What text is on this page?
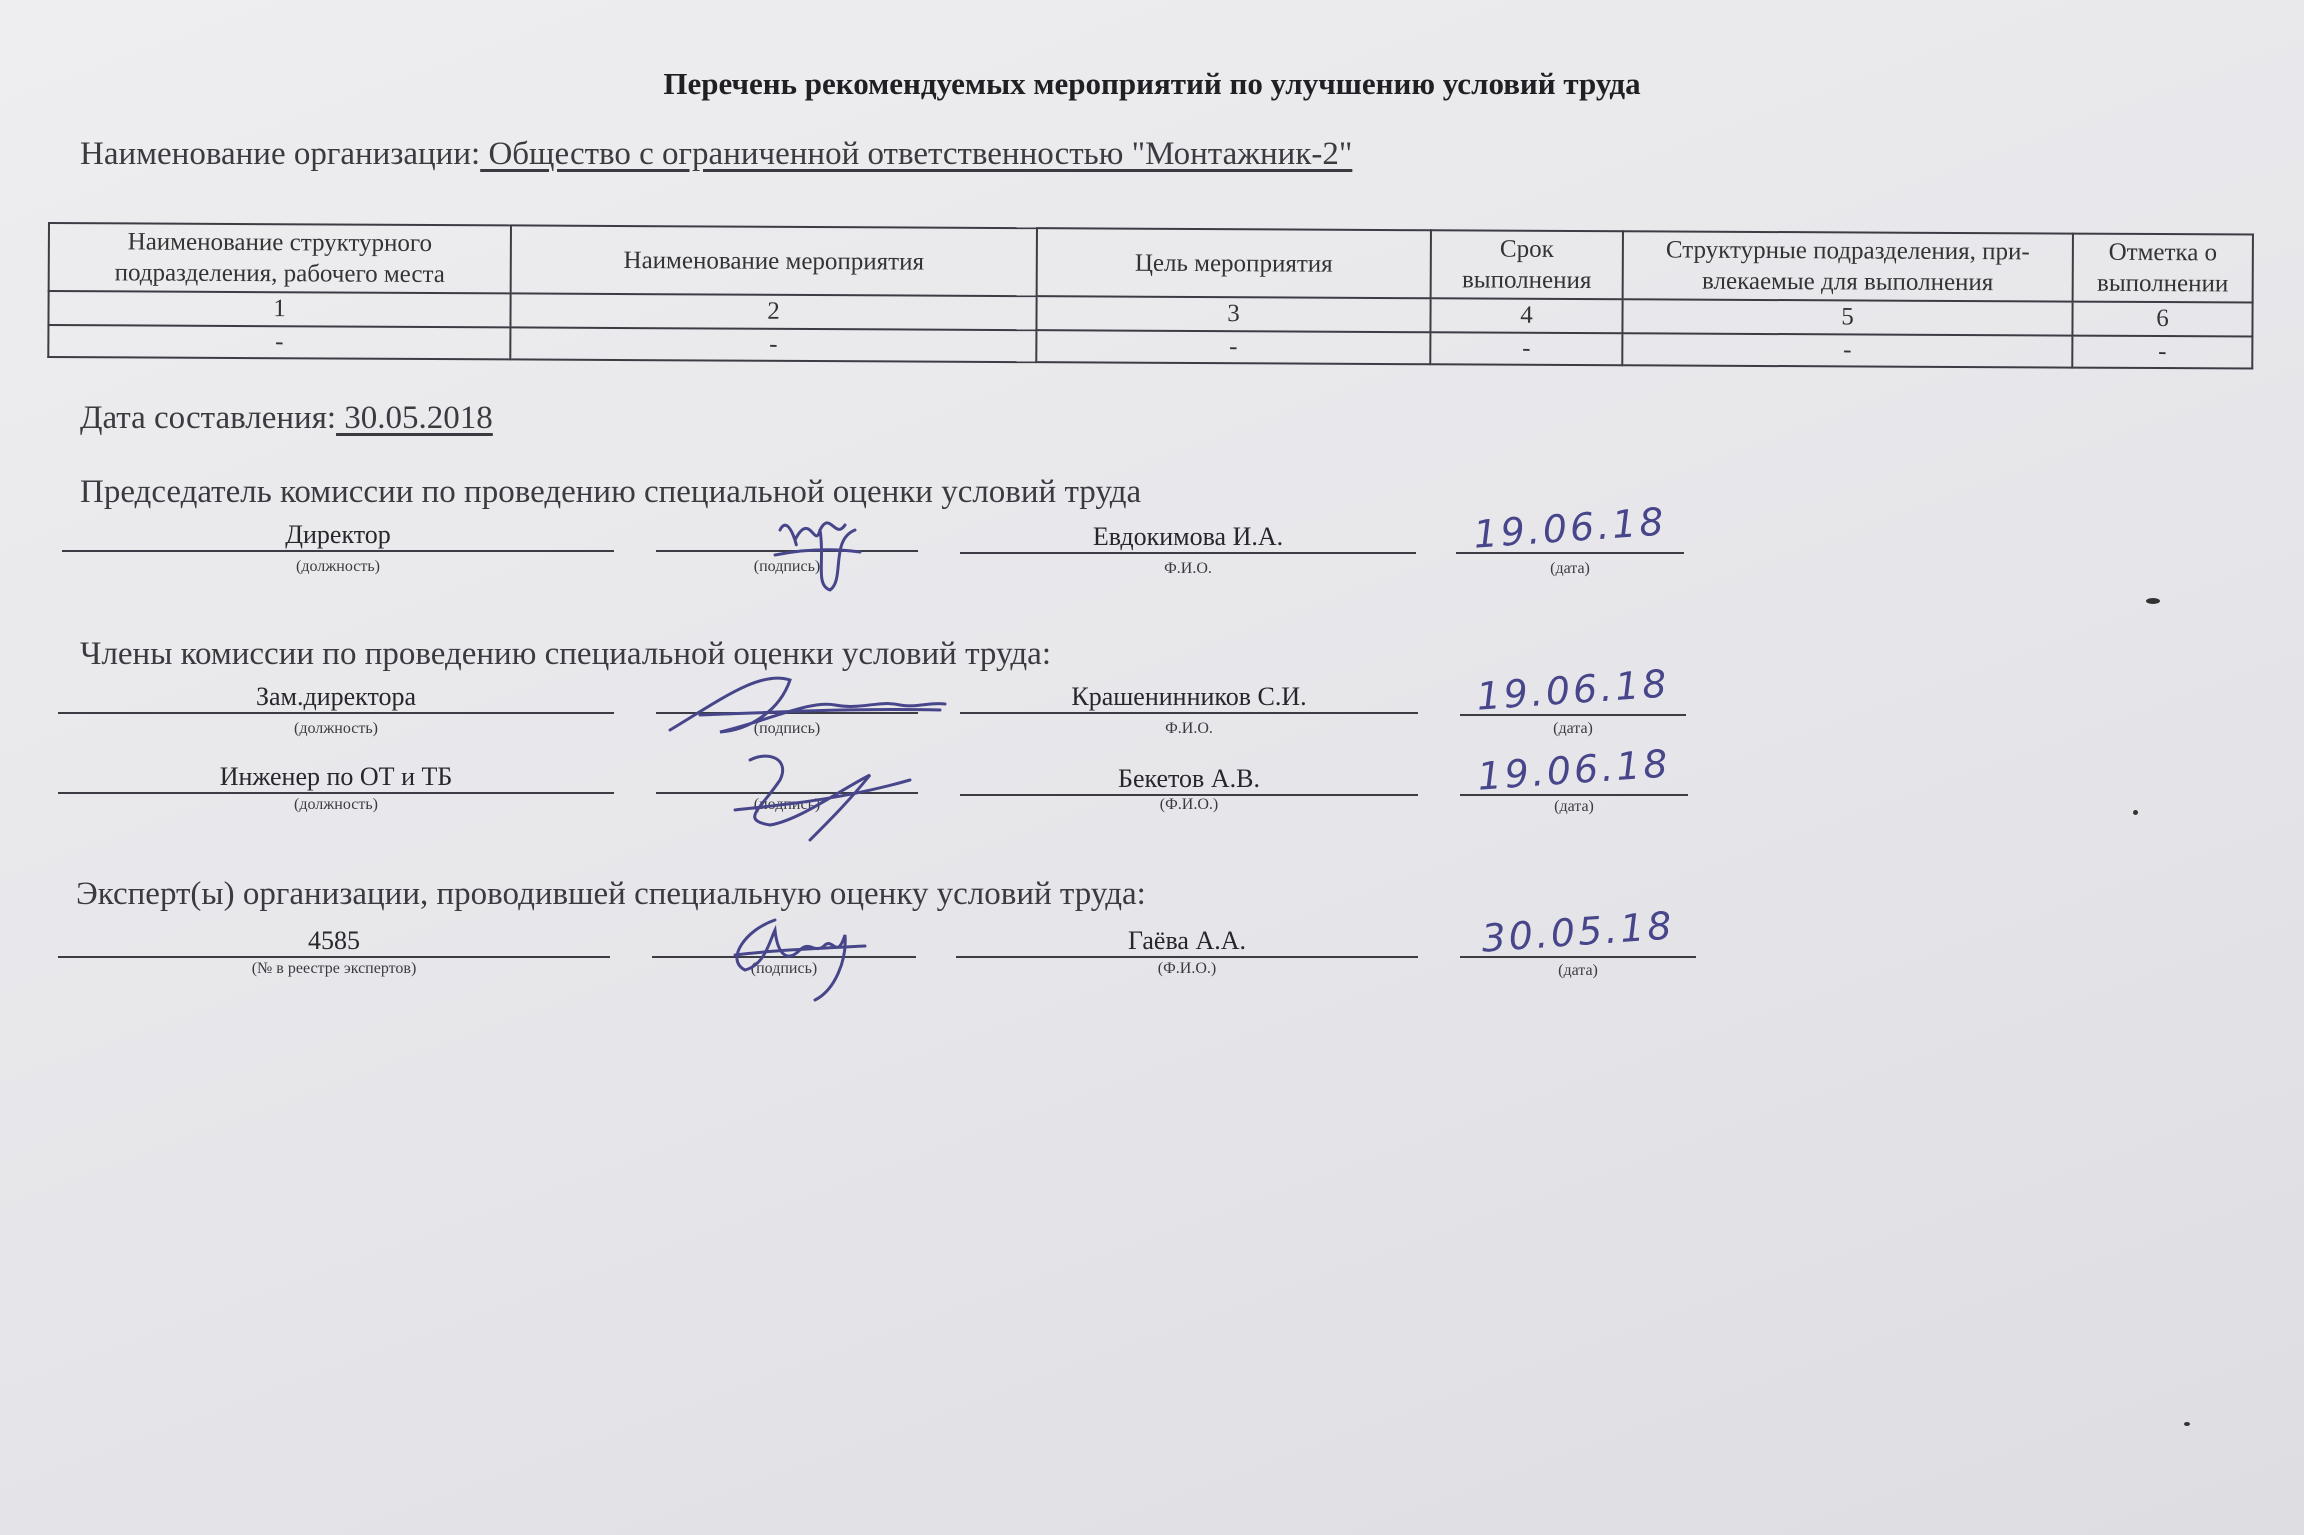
Перечень рекомендуемых мероприятий по улучшению условий труда
Наименование организации: Общество с ограниченной ответственностью "Монтажник-2"
Наименование структурного подразделения, рабочего места	Наименование мероприятия	Цель мероприятия	Срок выполнения	Структурные подразделения, при-влекаемые для выполнения	Отметка о выполнении
1	2	3	4	5	6
-	-	-	-	-	-
Дата составления: 30.05.2018
Председатель комиссии по проведению специальной оценки условий труда
Директор
(должность)	(подпись)
Евдокимова И.А.
Ф.И.О.
19.06.18
(дата)
Члены комиссии по проведению специальной оценки условий труда:
Зам.директора
(должность)	(подпись)
Крашенинников С.И.
Ф.И.О.
19.06.18
(дата)
Инженер по ОТ и ТБ
(должность)	(подпись)
Бекетов А.В.
(Ф.И.О.)
19.06.18
(дата)
Эксперт(ы) организации, проводившей специальную оценку условий труда:
4585
(№ в реестре экспертов)	(подпись)
Гаёва А.А.
(Ф.И.О.)
30.05.18
(дата)
